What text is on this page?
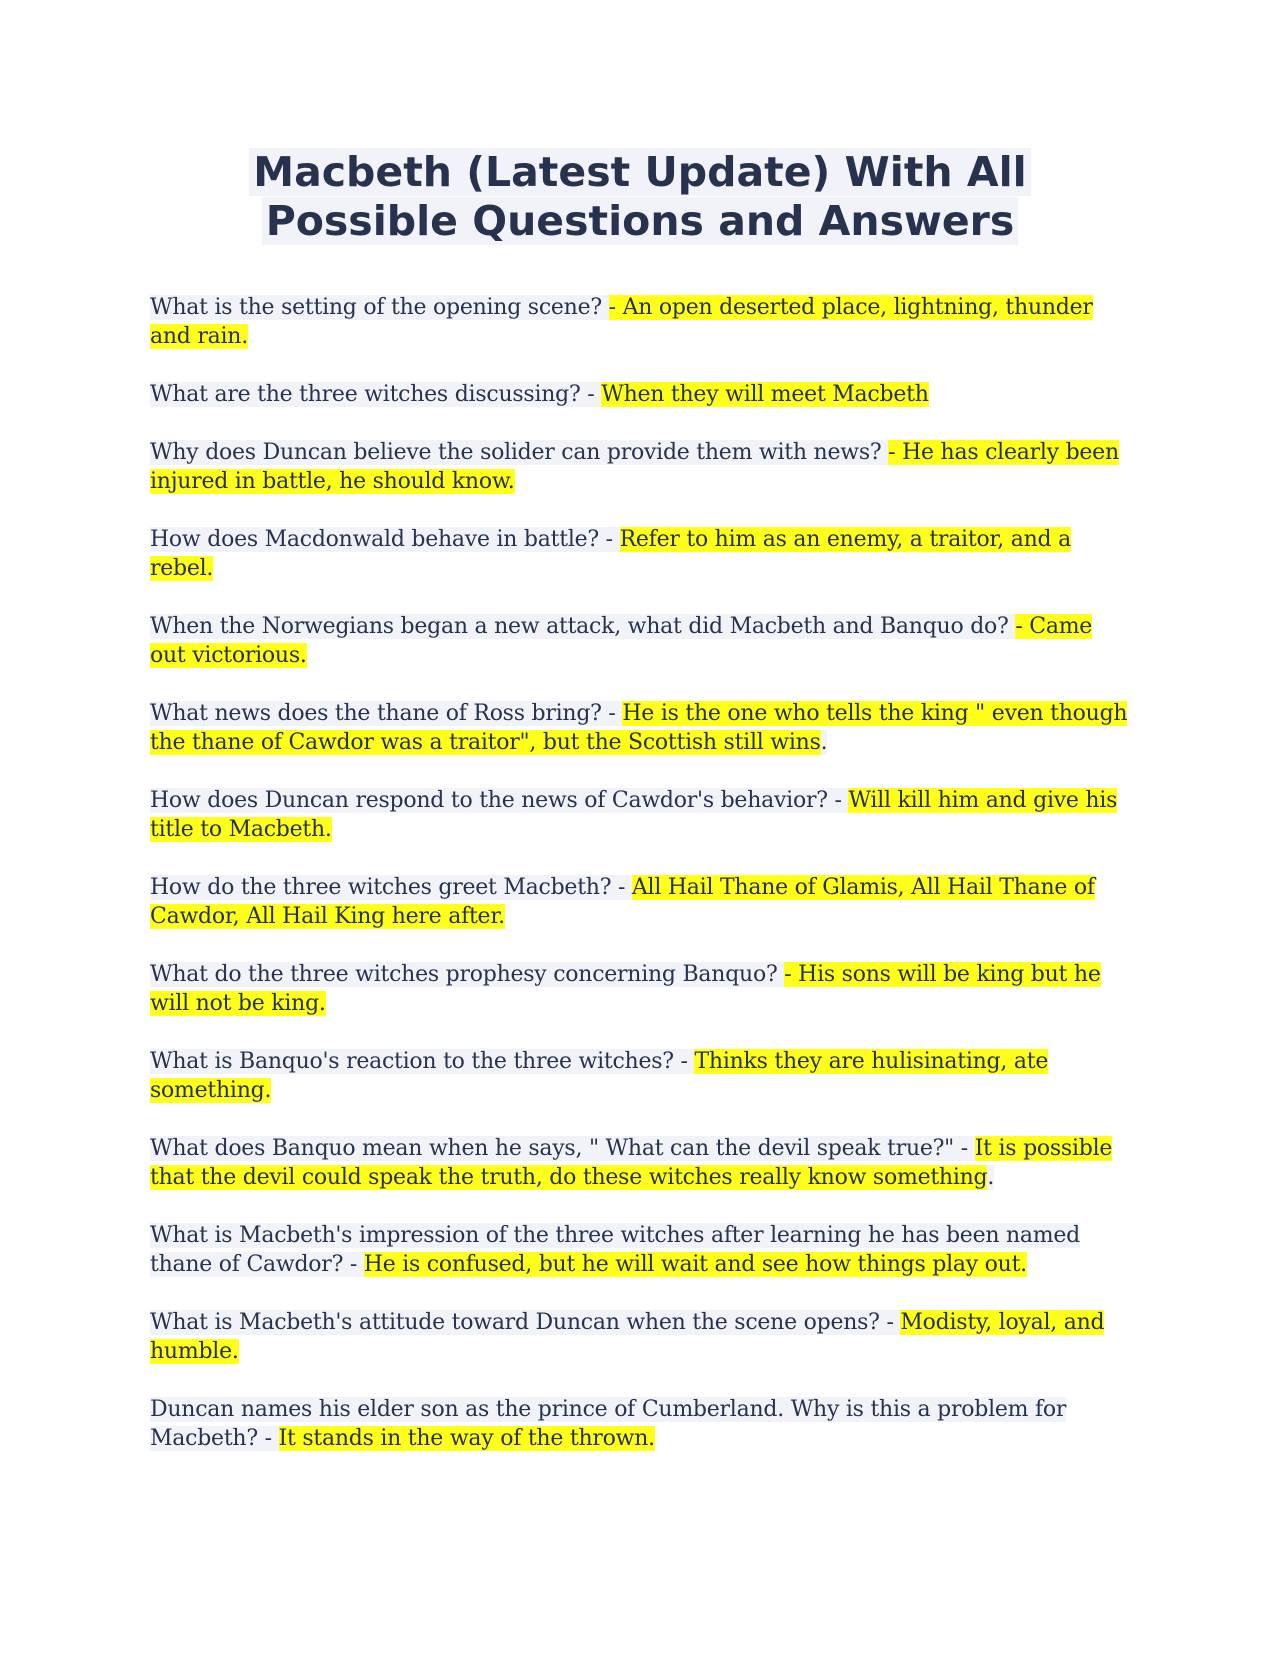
Macbeth (Latest Update) With All
Possible Questions and Answers

What is the setting of the opening scene? - An open deserted place, lightning, thunder and rain.

What are the three witches discussing? - When they will meet Macbeth

Why does Duncan believe the solider can provide them with news? - He has clearly been injured in battle, he should know.

How does Macdonwald behave in battle? - Refer to him as an enemy, a traitor, and a rebel.

When the Norwegians began a new attack, what did Macbeth and Banquo do? - Came out victorious.

What news does the thane of Ross bring? - He is the one who tells the king " even though the thane of Cawdor was a traitor", but the Scottish still wins.

How does Duncan respond to the news of Cawdor's behavior? - Will kill him and give his title to Macbeth.

How do the three witches greet Macbeth? - All Hail Thane of Glamis, All Hail Thane of Cawdor, All Hail King here after.

What do the three witches prophesy concerning Banquo? - His sons will be king but he will not be king.

What is Banquo's reaction to the three witches? - Thinks they are hulisinating, ate something.

What does Banquo mean when he says, " What can the devil speak true?" - It is possible that the devil could speak the truth, do these witches really know something.

What is Macbeth's impression of the three witches after learning he has been named thane of Cawdor? - He is confused, but he will wait and see how things play out.

What is Macbeth's attitude toward Duncan when the scene opens? - Modisty, loyal, and humble.

Duncan names his elder son as the prince of Cumberland. Why is this a problem for Macbeth? - It stands in the way of the thrown.
